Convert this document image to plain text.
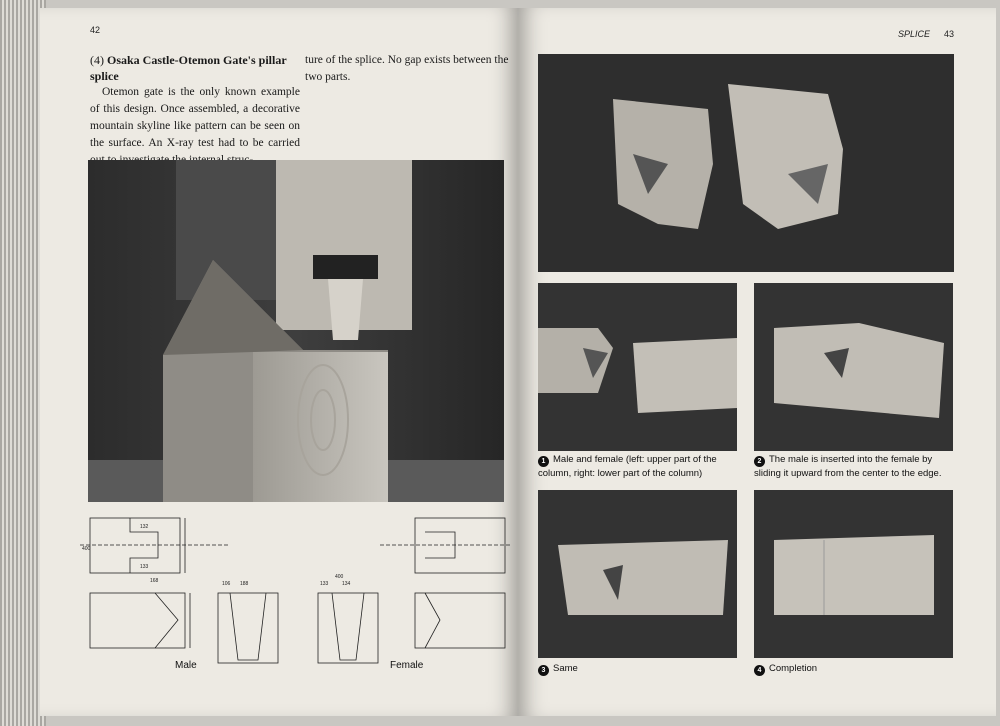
42
(4) Osaka Castle-Otemon Gate's pillar splice
Otemon gate is the only known example of this design. Once assembled, a decorative mountain skyline like pattern can be seen on the surface. An X-ray test had to be carried
ture of the splice. No gap exists between the two parts.
400
132
133
168	106 188	133	134
400
Male	Female
SPLICE 43
1 Male and female (left: upper part of the column, right: lower part of the column)
2 The male is inserted into the female by sliding it upward from the center to the edge.
3 Same	4 Completion
